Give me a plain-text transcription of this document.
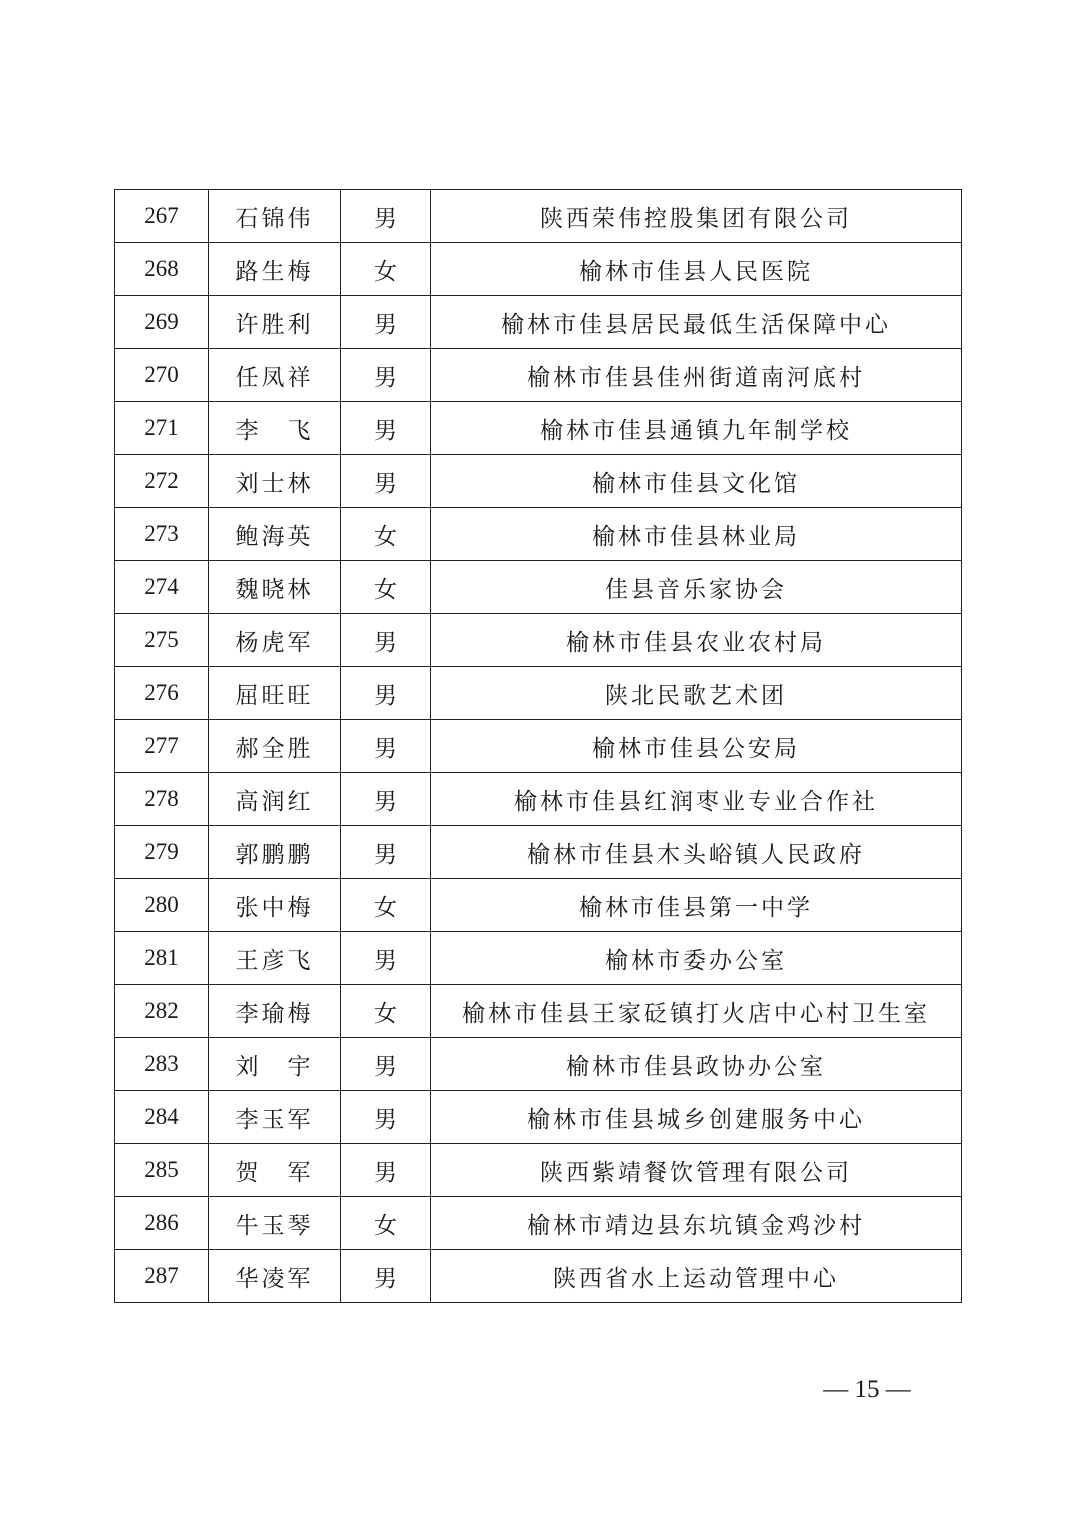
267	石锦伟	男	陕西荣伟控股集团有限公司
268	路生梅	女	榆林市佳县人民医院
269	许胜利	男	榆林市佳县居民最低生活保障中心
270	任凤祥	男	榆林市佳县佳州街道南河底村
271	李　飞	男	榆林市佳县通镇九年制学校
272	刘士林	男	榆林市佳县文化馆
273	鲍海英	女	榆林市佳县林业局
274	魏晓林	女	佳县音乐家协会
275	杨虎军	男	榆林市佳县农业农村局
276	屈旺旺	男	陕北民歌艺术团
277	郝全胜	男	榆林市佳县公安局
278	高润红	男	榆林市佳县红润枣业专业合作社
279	郭鹏鹏	男	榆林市佳县木头峪镇人民政府
280	张中梅	女	榆林市佳县第一中学
281	王彦飞	男	榆林市委办公室
282	李瑜梅	女	榆林市佳县王家砭镇打火店中心村卫生室
283	刘　宇	男	榆林市佳县政协办公室
284	李玉军	男	榆林市佳县城乡创建服务中心
285	贺　军	男	陕西紫靖餐饮管理有限公司
286	牛玉琴	女	榆林市靖边县东坑镇金鸡沙村
287	华凌军	男	陕西省水上运动管理中心
— 15 —
